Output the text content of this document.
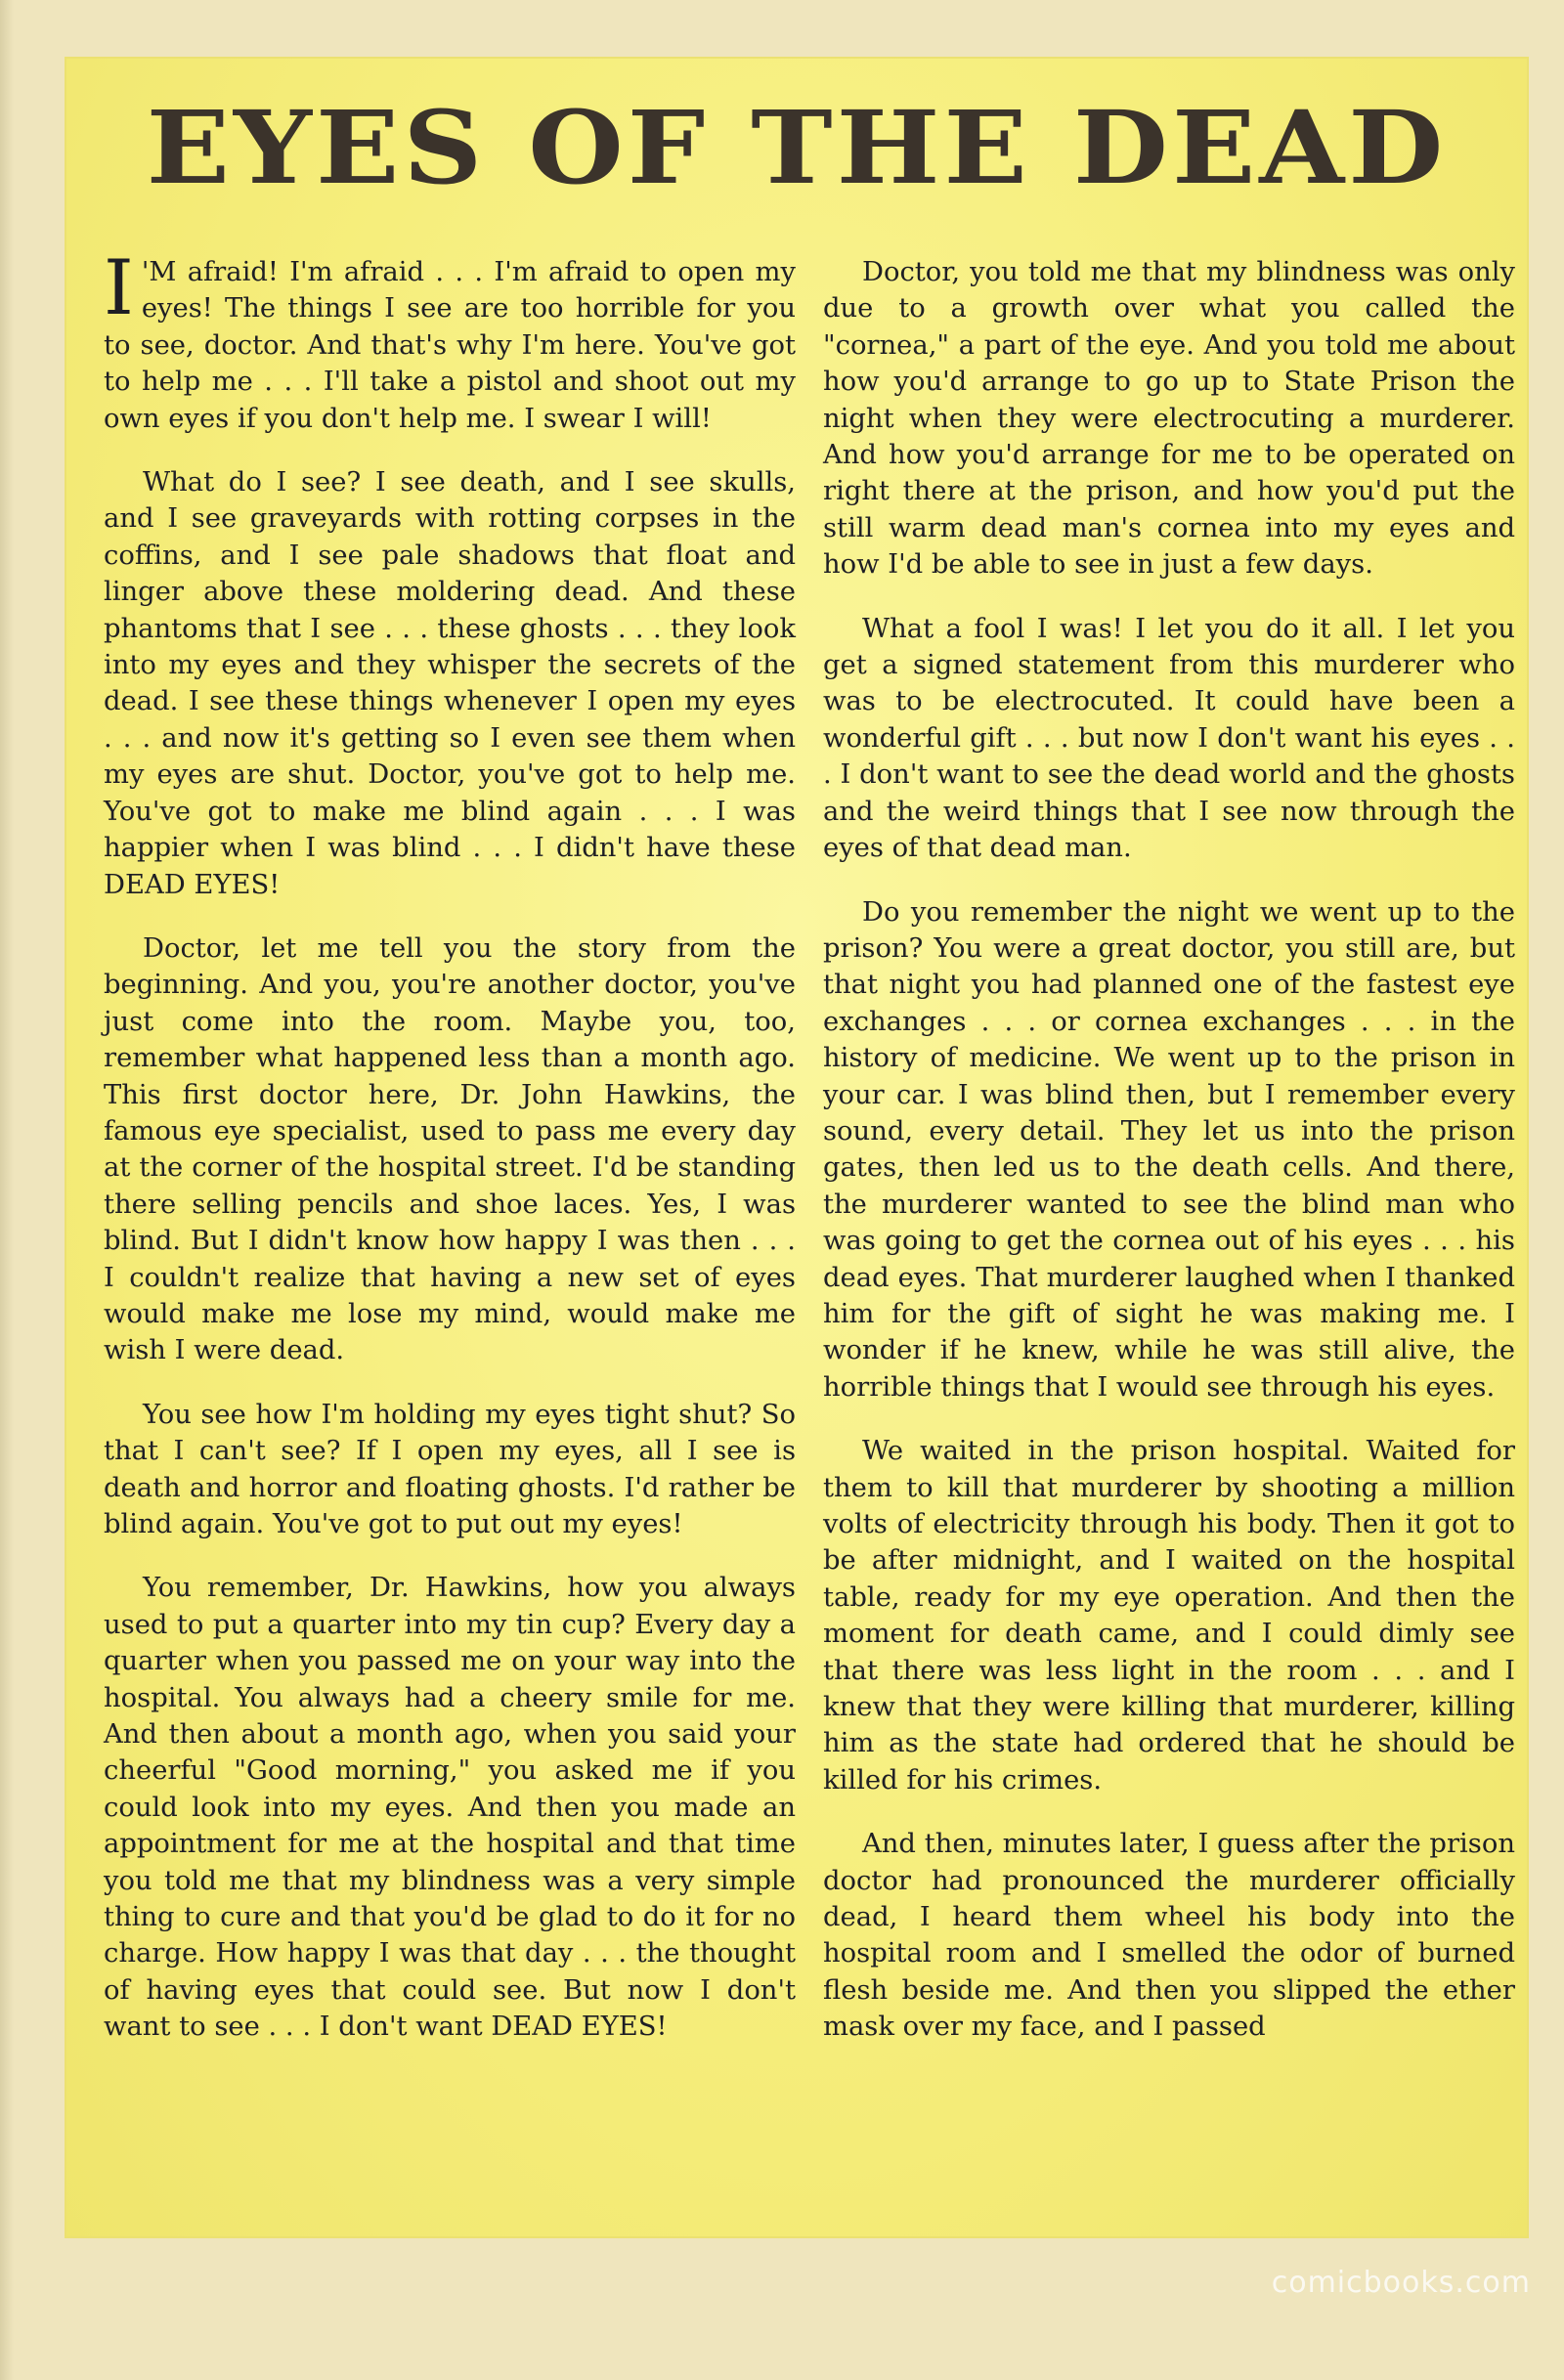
EYES OF THE DEAD

I 'M afraid! I'm afraid . . . I'm afraid to open my eyes! The things I see are too horrible for you to see, doctor. And that's why I'm here. You've got to help me . . . I'll take a pistol and shoot out my own eyes if you don't help me. I swear I will!

What do I see? I see death, and I see skulls, and I see graveyards with rotting corpses in the coffins, and I see pale shadows that float and linger above these moldering dead. And these phantoms that I see . . . these ghosts . . . they look into my eyes and they whisper the secrets of the dead. I see these things whenever I open my eyes . . . and now it's getting so I even see them when my eyes are shut. Doctor, you've got to help me. You've got to make me blind again . . . I was happier when I was blind . . . I didn't have these DEAD EYES!

Doctor, let me tell you the story from the beginning. And you, you're another doctor, you've just come into the room. Maybe you, too, remember what happened less than a month ago. This first doctor here, Dr. John Hawkins, the famous eye specialist, used to pass me every day at the corner of the hospital street. I'd be standing there selling pencils and shoe laces. Yes, I was blind. But I didn't know how happy I was then . . . I couldn't realize that having a new set of eyes would make me lose my mind, would make me wish I were dead.

You see how I'm holding my eyes tight shut? So that I can't see? If I open my eyes, all I see is death and horror and floating ghosts. I'd rather be blind again. You've got to put out my eyes!

You remember, Dr. Hawkins, how you always used to put a quarter into my tin cup? Every day a quarter when you passed me on your way into the hospital. You always had a cheery smile for me. And then about a month ago, when you said your cheerful "Good morning," you asked me if you could look into my eyes. And then you made an appointment for me at the hospital and that time you told me that my blindness was a very simple thing to cure and that you'd be glad to do it for no charge. How happy I was that day . . . the thought of having eyes that could see. But now I don't want to see . . . I don't want DEAD EYES!

Doctor, you told me that my blindness was only due to a growth over what you called the "cornea," a part of the eye. And you told me about how you'd arrange to go up to State Prison the night when they were electrocuting a murderer. And how you'd arrange for me to be operated on right there at the prison, and how you'd put the still warm dead man's cornea into my eyes and how I'd be able to see in just a few days.

What a fool I was! I let you do it all. I let you get a signed statement from this murderer who was to be electrocuted. It could have been a wonderful gift . . . but now I don't want his eyes . . . I don't want to see the dead world and the ghosts and the weird things that I see now through the eyes of that dead man.

Do you remember the night we went up to the prison? You were a great doctor, you still are, but that night you had planned one of the fastest eye exchanges . . . or cornea exchanges . . . in the history of medicine. We went up to the prison in your car. I was blind then, but I remember every sound, every detail. They let us into the prison gates, then led us to the death cells. And there, the murderer wanted to see the blind man who was going to get the cornea out of his eyes . . . his dead eyes. That murderer laughed when I thanked him for the gift of sight he was making me. I wonder if he knew, while he was still alive, the horrible things that I would see through his eyes.

We waited in the prison hospital. Waited for them to kill that murderer by shooting a million volts of electricity through his body. Then it got to be after midnight, and I waited on the hospital table, ready for my eye operation. And then the moment for death came, and I could dimly see that there was less light in the room . . . and I knew that they were killing that murderer, killing him as the state had ordered that he should be killed for his crimes.

And then, minutes later, I guess after the prison doctor had pronounced the murderer officially dead, I heard them wheel his body into the hospital room and I smelled the odor of burned flesh beside me. And then you slipped the ether mask over my face, and I passed

comicbooks.com
